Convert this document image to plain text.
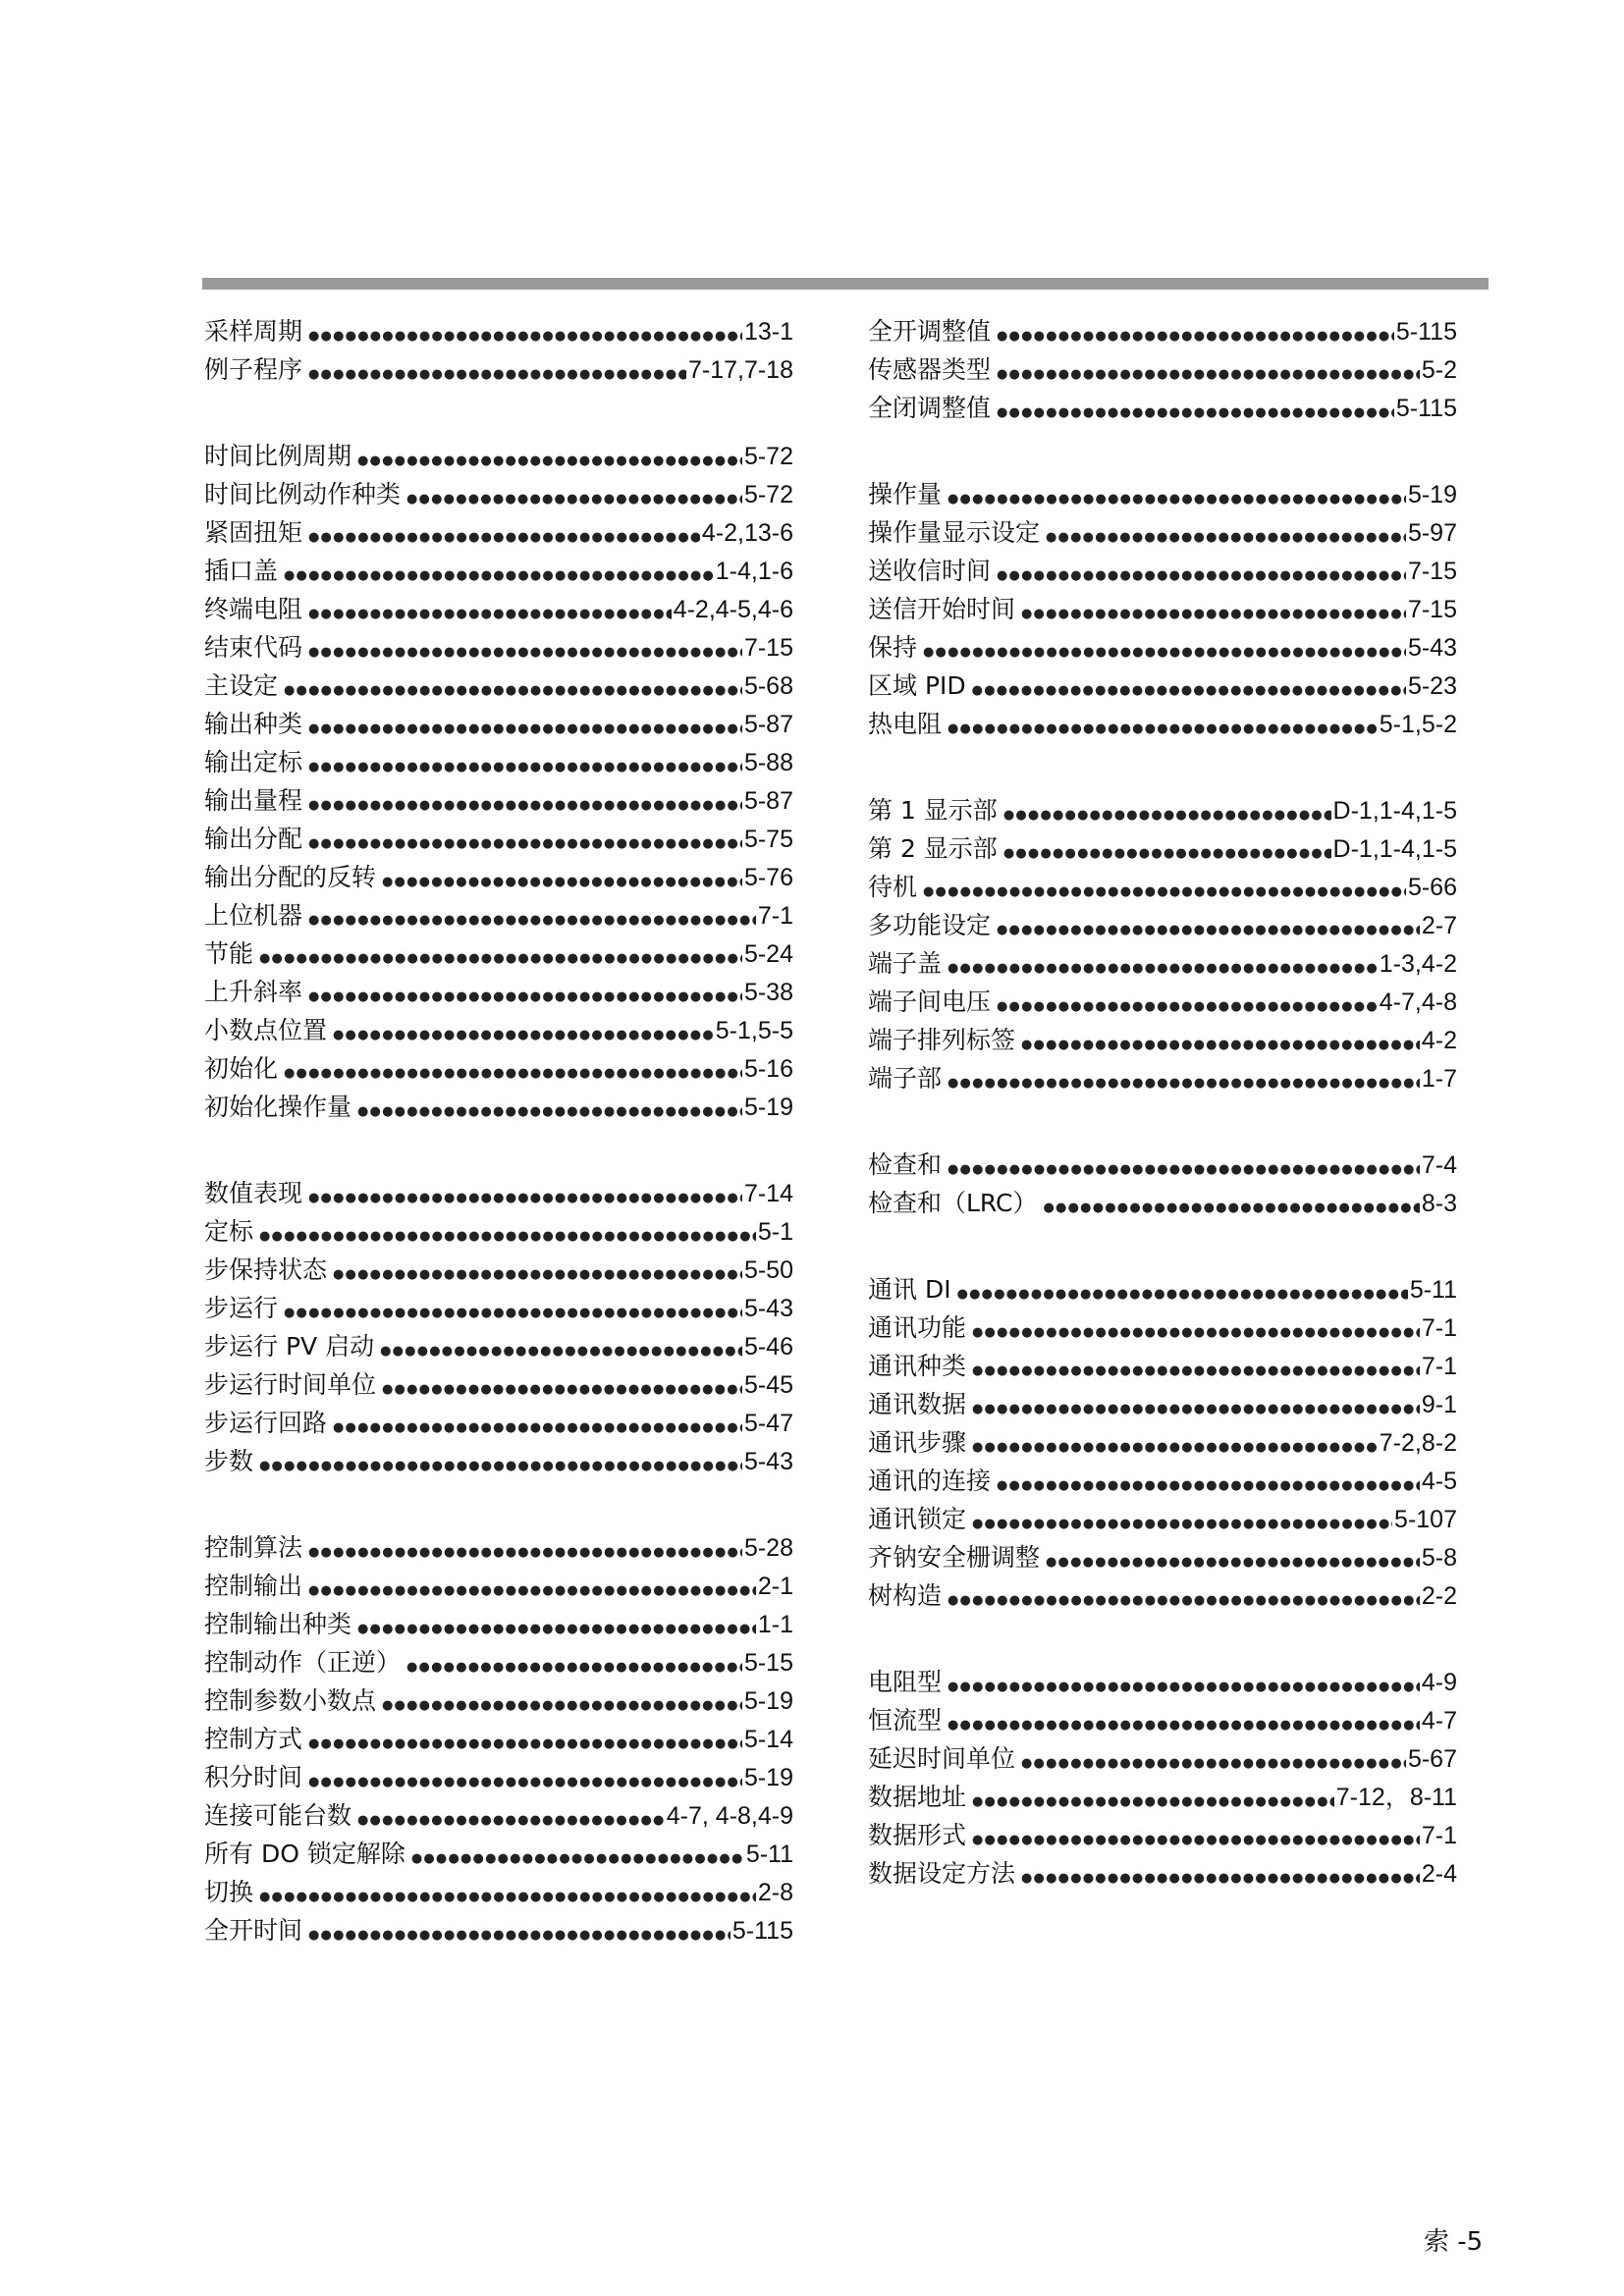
采样周期 ●●●●●●●●●●●●●●●●●●●●●●●●●●●●●●●●●●●●●●●●●●●●●●●●●●●●●●●●●●●●●●●●●●●●●●●●●●●●●●●●●●●●●●●●●●●	13-1
例子程序 ●●●●●●●●●●●●●●●●●●●●●●●●●●●●●●●●●●●●●●●●●●●●●●●●●●●●●●●●●●●●●●●●●●●●●●●●●●●●●●●●●●●●●●●●●●●	7-17,7-18
时间比例周期 ●●●●●●●●●●●●●●●●●●●●●●●●●●●●●●●●●●●●●●●●●●●●●●●●●●●●●●●●●●●●●●●●●●●●●●●●●●●●●●●●●●●●●●●●●●●	5-72
时间比例动作种类 ●●●●●●●●●●●●●●●●●●●●●●●●●●●●●●●●●●●●●●●●●●●●●●●●●●●●●●●●●●●●●●●●●●●●●●●●●●●●●●●●●●●●●●●●●●●	5-72
紧固扭矩 ●●●●●●●●●●●●●●●●●●●●●●●●●●●●●●●●●●●●●●●●●●●●●●●●●●●●●●●●●●●●●●●●●●●●●●●●●●●●●●●●●●●●●●●●●●●	4-2,13-6
插口盖 ●●●●●●●●●●●●●●●●●●●●●●●●●●●●●●●●●●●●●●●●●●●●●●●●●●●●●●●●●●●●●●●●●●●●●●●●●●●●●●●●●●●●●●●●●●●	1-4,1-6
终端电阻 ●●●●●●●●●●●●●●●●●●●●●●●●●●●●●●●●●●●●●●●●●●●●●●●●●●●●●●●●●●●●●●●●●●●●●●●●●●●●●●●●●●●●●●●●●●●	4-2,4-5,4-6
结束代码 ●●●●●●●●●●●●●●●●●●●●●●●●●●●●●●●●●●●●●●●●●●●●●●●●●●●●●●●●●●●●●●●●●●●●●●●●●●●●●●●●●●●●●●●●●●●	7-15
主设定 ●●●●●●●●●●●●●●●●●●●●●●●●●●●●●●●●●●●●●●●●●●●●●●●●●●●●●●●●●●●●●●●●●●●●●●●●●●●●●●●●●●●●●●●●●●●	5-68
输出种类 ●●●●●●●●●●●●●●●●●●●●●●●●●●●●●●●●●●●●●●●●●●●●●●●●●●●●●●●●●●●●●●●●●●●●●●●●●●●●●●●●●●●●●●●●●●●	5-87
输出定标 ●●●●●●●●●●●●●●●●●●●●●●●●●●●●●●●●●●●●●●●●●●●●●●●●●●●●●●●●●●●●●●●●●●●●●●●●●●●●●●●●●●●●●●●●●●●	5-88
输出量程 ●●●●●●●●●●●●●●●●●●●●●●●●●●●●●●●●●●●●●●●●●●●●●●●●●●●●●●●●●●●●●●●●●●●●●●●●●●●●●●●●●●●●●●●●●●●	5-87
输出分配 ●●●●●●●●●●●●●●●●●●●●●●●●●●●●●●●●●●●●●●●●●●●●●●●●●●●●●●●●●●●●●●●●●●●●●●●●●●●●●●●●●●●●●●●●●●●	5-75
输出分配的反转 ●●●●●●●●●●●●●●●●●●●●●●●●●●●●●●●●●●●●●●●●●●●●●●●●●●●●●●●●●●●●●●●●●●●●●●●●●●●●●●●●●●●●●●●●●●●	5-76
上位机器 ●●●●●●●●●●●●●●●●●●●●●●●●●●●●●●●●●●●●●●●●●●●●●●●●●●●●●●●●●●●●●●●●●●●●●●●●●●●●●●●●●●●●●●●●●●●	7-1
节能 ●●●●●●●●●●●●●●●●●●●●●●●●●●●●●●●●●●●●●●●●●●●●●●●●●●●●●●●●●●●●●●●●●●●●●●●●●●●●●●●●●●●●●●●●●●●	5-24
上升斜率 ●●●●●●●●●●●●●●●●●●●●●●●●●●●●●●●●●●●●●●●●●●●●●●●●●●●●●●●●●●●●●●●●●●●●●●●●●●●●●●●●●●●●●●●●●●●	5-38
小数点位置 ●●●●●●●●●●●●●●●●●●●●●●●●●●●●●●●●●●●●●●●●●●●●●●●●●●●●●●●●●●●●●●●●●●●●●●●●●●●●●●●●●●●●●●●●●●●	5-1,5-5
初始化 ●●●●●●●●●●●●●●●●●●●●●●●●●●●●●●●●●●●●●●●●●●●●●●●●●●●●●●●●●●●●●●●●●●●●●●●●●●●●●●●●●●●●●●●●●●●	5-16
初始化操作量 ●●●●●●●●●●●●●●●●●●●●●●●●●●●●●●●●●●●●●●●●●●●●●●●●●●●●●●●●●●●●●●●●●●●●●●●●●●●●●●●●●●●●●●●●●●●	5-19
数值表现 ●●●●●●●●●●●●●●●●●●●●●●●●●●●●●●●●●●●●●●●●●●●●●●●●●●●●●●●●●●●●●●●●●●●●●●●●●●●●●●●●●●●●●●●●●●●	7-14
定标 ●●●●●●●●●●●●●●●●●●●●●●●●●●●●●●●●●●●●●●●●●●●●●●●●●●●●●●●●●●●●●●●●●●●●●●●●●●●●●●●●●●●●●●●●●●●	5-1
步保持状态 ●●●●●●●●●●●●●●●●●●●●●●●●●●●●●●●●●●●●●●●●●●●●●●●●●●●●●●●●●●●●●●●●●●●●●●●●●●●●●●●●●●●●●●●●●●●	5-50
步运行 ●●●●●●●●●●●●●●●●●●●●●●●●●●●●●●●●●●●●●●●●●●●●●●●●●●●●●●●●●●●●●●●●●●●●●●●●●●●●●●●●●●●●●●●●●●●	5-43
步运行 PV 启动 ●●●●●●●●●●●●●●●●●●●●●●●●●●●●●●●●●●●●●●●●●●●●●●●●●●●●●●●●●●●●●●●●●●●●●●●●●●●●●●●●●●●●●●●●●●●	5-46
步运行时间单位 ●●●●●●●●●●●●●●●●●●●●●●●●●●●●●●●●●●●●●●●●●●●●●●●●●●●●●●●●●●●●●●●●●●●●●●●●●●●●●●●●●●●●●●●●●●●	5-45
步运行回路 ●●●●●●●●●●●●●●●●●●●●●●●●●●●●●●●●●●●●●●●●●●●●●●●●●●●●●●●●●●●●●●●●●●●●●●●●●●●●●●●●●●●●●●●●●●●	5-47
步数 ●●●●●●●●●●●●●●●●●●●●●●●●●●●●●●●●●●●●●●●●●●●●●●●●●●●●●●●●●●●●●●●●●●●●●●●●●●●●●●●●●●●●●●●●●●●	5-43
控制算法 ●●●●●●●●●●●●●●●●●●●●●●●●●●●●●●●●●●●●●●●●●●●●●●●●●●●●●●●●●●●●●●●●●●●●●●●●●●●●●●●●●●●●●●●●●●●	5-28
控制输出 ●●●●●●●●●●●●●●●●●●●●●●●●●●●●●●●●●●●●●●●●●●●●●●●●●●●●●●●●●●●●●●●●●●●●●●●●●●●●●●●●●●●●●●●●●●●	2-1
控制输出种类 ●●●●●●●●●●●●●●●●●●●●●●●●●●●●●●●●●●●●●●●●●●●●●●●●●●●●●●●●●●●●●●●●●●●●●●●●●●●●●●●●●●●●●●●●●●●	1-1
控制动作（正逆） ●●●●●●●●●●●●●●●●●●●●●●●●●●●●●●●●●●●●●●●●●●●●●●●●●●●●●●●●●●●●●●●●●●●●●●●●●●●●●●●●●●●●●●●●●●●	5-15
控制参数小数点 ●●●●●●●●●●●●●●●●●●●●●●●●●●●●●●●●●●●●●●●●●●●●●●●●●●●●●●●●●●●●●●●●●●●●●●●●●●●●●●●●●●●●●●●●●●●	5-19
控制方式 ●●●●●●●●●●●●●●●●●●●●●●●●●●●●●●●●●●●●●●●●●●●●●●●●●●●●●●●●●●●●●●●●●●●●●●●●●●●●●●●●●●●●●●●●●●●	5-14
积分时间 ●●●●●●●●●●●●●●●●●●●●●●●●●●●●●●●●●●●●●●●●●●●●●●●●●●●●●●●●●●●●●●●●●●●●●●●●●●●●●●●●●●●●●●●●●●●	5-19
连接可能台数 ●●●●●●●●●●●●●●●●●●●●●●●●●●●●●●●●●●●●●●●●●●●●●●●●●●●●●●●●●●●●●●●●●●●●●●●●●●●●●●●●●●●●●●●●●●●	4-7, 4-8,4-9
所有 DO 锁定解除 ●●●●●●●●●●●●●●●●●●●●●●●●●●●●●●●●●●●●●●●●●●●●●●●●●●●●●●●●●●●●●●●●●●●●●●●●●●●●●●●●●●●●●●●●●●●	5-11
切换 ●●●●●●●●●●●●●●●●●●●●●●●●●●●●●●●●●●●●●●●●●●●●●●●●●●●●●●●●●●●●●●●●●●●●●●●●●●●●●●●●●●●●●●●●●●●	2-8
全开时间 ●●●●●●●●●●●●●●●●●●●●●●●●●●●●●●●●●●●●●●●●●●●●●●●●●●●●●●●●●●●●●●●●●●●●●●●●●●●●●●●●●●●●●●●●●●●	5-115
全开调整值 ●●●●●●●●●●●●●●●●●●●●●●●●●●●●●●●●●●●●●●●●●●●●●●●●●●●●●●●●●●●●●●●●●●●●●●●●●●●●●●●●●●●●●●●●●●●	5-115
传感器类型 ●●●●●●●●●●●●●●●●●●●●●●●●●●●●●●●●●●●●●●●●●●●●●●●●●●●●●●●●●●●●●●●●●●●●●●●●●●●●●●●●●●●●●●●●●●●	5-2
全闭调整值 ●●●●●●●●●●●●●●●●●●●●●●●●●●●●●●●●●●●●●●●●●●●●●●●●●●●●●●●●●●●●●●●●●●●●●●●●●●●●●●●●●●●●●●●●●●●	5-115
操作量 ●●●●●●●●●●●●●●●●●●●●●●●●●●●●●●●●●●●●●●●●●●●●●●●●●●●●●●●●●●●●●●●●●●●●●●●●●●●●●●●●●●●●●●●●●●●	5-19
操作量显示设定 ●●●●●●●●●●●●●●●●●●●●●●●●●●●●●●●●●●●●●●●●●●●●●●●●●●●●●●●●●●●●●●●●●●●●●●●●●●●●●●●●●●●●●●●●●●●	5-97
送收信时间 ●●●●●●●●●●●●●●●●●●●●●●●●●●●●●●●●●●●●●●●●●●●●●●●●●●●●●●●●●●●●●●●●●●●●●●●●●●●●●●●●●●●●●●●●●●●	7-15
送信开始时间 ●●●●●●●●●●●●●●●●●●●●●●●●●●●●●●●●●●●●●●●●●●●●●●●●●●●●●●●●●●●●●●●●●●●●●●●●●●●●●●●●●●●●●●●●●●●	7-15
保持 ●●●●●●●●●●●●●●●●●●●●●●●●●●●●●●●●●●●●●●●●●●●●●●●●●●●●●●●●●●●●●●●●●●●●●●●●●●●●●●●●●●●●●●●●●●●	5-43
区域 PID ●●●●●●●●●●●●●●●●●●●●●●●●●●●●●●●●●●●●●●●●●●●●●●●●●●●●●●●●●●●●●●●●●●●●●●●●●●●●●●●●●●●●●●●●●●●	5-23
热电阻 ●●●●●●●●●●●●●●●●●●●●●●●●●●●●●●●●●●●●●●●●●●●●●●●●●●●●●●●●●●●●●●●●●●●●●●●●●●●●●●●●●●●●●●●●●●●	5-1,5-2
第 1 显示部 ●●●●●●●●●●●●●●●●●●●●●●●●●●●●●●●●●●●●●●●●●●●●●●●●●●●●●●●●●●●●●●●●●●●●●●●●●●●●●●●●●●●●●●●●●●●	D-1,1-4,1-5
第 2 显示部 ●●●●●●●●●●●●●●●●●●●●●●●●●●●●●●●●●●●●●●●●●●●●●●●●●●●●●●●●●●●●●●●●●●●●●●●●●●●●●●●●●●●●●●●●●●●	D-1,1-4,1-5
待机 ●●●●●●●●●●●●●●●●●●●●●●●●●●●●●●●●●●●●●●●●●●●●●●●●●●●●●●●●●●●●●●●●●●●●●●●●●●●●●●●●●●●●●●●●●●●	5-66
多功能设定 ●●●●●●●●●●●●●●●●●●●●●●●●●●●●●●●●●●●●●●●●●●●●●●●●●●●●●●●●●●●●●●●●●●●●●●●●●●●●●●●●●●●●●●●●●●●	2-7
端子盖 ●●●●●●●●●●●●●●●●●●●●●●●●●●●●●●●●●●●●●●●●●●●●●●●●●●●●●●●●●●●●●●●●●●●●●●●●●●●●●●●●●●●●●●●●●●●	1-3,4-2
端子间电压 ●●●●●●●●●●●●●●●●●●●●●●●●●●●●●●●●●●●●●●●●●●●●●●●●●●●●●●●●●●●●●●●●●●●●●●●●●●●●●●●●●●●●●●●●●●●	4-7,4-8
端子排列标签 ●●●●●●●●●●●●●●●●●●●●●●●●●●●●●●●●●●●●●●●●●●●●●●●●●●●●●●●●●●●●●●●●●●●●●●●●●●●●●●●●●●●●●●●●●●●	4-2
端子部 ●●●●●●●●●●●●●●●●●●●●●●●●●●●●●●●●●●●●●●●●●●●●●●●●●●●●●●●●●●●●●●●●●●●●●●●●●●●●●●●●●●●●●●●●●●●	1-7
检查和 ●●●●●●●●●●●●●●●●●●●●●●●●●●●●●●●●●●●●●●●●●●●●●●●●●●●●●●●●●●●●●●●●●●●●●●●●●●●●●●●●●●●●●●●●●●●	7-4
检查和（LRC） ●●●●●●●●●●●●●●●●●●●●●●●●●●●●●●●●●●●●●●●●●●●●●●●●●●●●●●●●●●●●●●●●●●●●●●●●●●●●●●●●●●●●●●●●●●●	8-3
通讯 DI ●●●●●●●●●●●●●●●●●●●●●●●●●●●●●●●●●●●●●●●●●●●●●●●●●●●●●●●●●●●●●●●●●●●●●●●●●●●●●●●●●●●●●●●●●●●	5-11
通讯功能 ●●●●●●●●●●●●●●●●●●●●●●●●●●●●●●●●●●●●●●●●●●●●●●●●●●●●●●●●●●●●●●●●●●●●●●●●●●●●●●●●●●●●●●●●●●●	7-1
通讯种类 ●●●●●●●●●●●●●●●●●●●●●●●●●●●●●●●●●●●●●●●●●●●●●●●●●●●●●●●●●●●●●●●●●●●●●●●●●●●●●●●●●●●●●●●●●●●	7-1
通讯数据 ●●●●●●●●●●●●●●●●●●●●●●●●●●●●●●●●●●●●●●●●●●●●●●●●●●●●●●●●●●●●●●●●●●●●●●●●●●●●●●●●●●●●●●●●●●●	9-1
通讯步骤 ●●●●●●●●●●●●●●●●●●●●●●●●●●●●●●●●●●●●●●●●●●●●●●●●●●●●●●●●●●●●●●●●●●●●●●●●●●●●●●●●●●●●●●●●●●●	7-2,8-2
通讯的连接 ●●●●●●●●●●●●●●●●●●●●●●●●●●●●●●●●●●●●●●●●●●●●●●●●●●●●●●●●●●●●●●●●●●●●●●●●●●●●●●●●●●●●●●●●●●●	4-5
通讯锁定 ●●●●●●●●●●●●●●●●●●●●●●●●●●●●●●●●●●●●●●●●●●●●●●●●●●●●●●●●●●●●●●●●●●●●●●●●●●●●●●●●●●●●●●●●●●●	5-107
齐钠安全栅调整 ●●●●●●●●●●●●●●●●●●●●●●●●●●●●●●●●●●●●●●●●●●●●●●●●●●●●●●●●●●●●●●●●●●●●●●●●●●●●●●●●●●●●●●●●●●●	5-8
树构造 ●●●●●●●●●●●●●●●●●●●●●●●●●●●●●●●●●●●●●●●●●●●●●●●●●●●●●●●●●●●●●●●●●●●●●●●●●●●●●●●●●●●●●●●●●●●	2-2
电阻型 ●●●●●●●●●●●●●●●●●●●●●●●●●●●●●●●●●●●●●●●●●●●●●●●●●●●●●●●●●●●●●●●●●●●●●●●●●●●●●●●●●●●●●●●●●●●	4-9
恒流型 ●●●●●●●●●●●●●●●●●●●●●●●●●●●●●●●●●●●●●●●●●●●●●●●●●●●●●●●●●●●●●●●●●●●●●●●●●●●●●●●●●●●●●●●●●●●	4-7
延迟时间单位 ●●●●●●●●●●●●●●●●●●●●●●●●●●●●●●●●●●●●●●●●●●●●●●●●●●●●●●●●●●●●●●●●●●●●●●●●●●●●●●●●●●●●●●●●●●●	5-67
数据地址 ●●●●●●●●●●●●●●●●●●●●●●●●●●●●●●●●●●●●●●●●●●●●●●●●●●●●●●●●●●●●●●●●●●●●●●●●●●●●●●●●●●●●●●●●●●●	7-12，8-11
数据形式 ●●●●●●●●●●●●●●●●●●●●●●●●●●●●●●●●●●●●●●●●●●●●●●●●●●●●●●●●●●●●●●●●●●●●●●●●●●●●●●●●●●●●●●●●●●●	7-1
数据设定方法 ●●●●●●●●●●●●●●●●●●●●●●●●●●●●●●●●●●●●●●●●●●●●●●●●●●●●●●●●●●●●●●●●●●●●●●●●●●●●●●●●●●●●●●●●●●●	2-4
索 -5
